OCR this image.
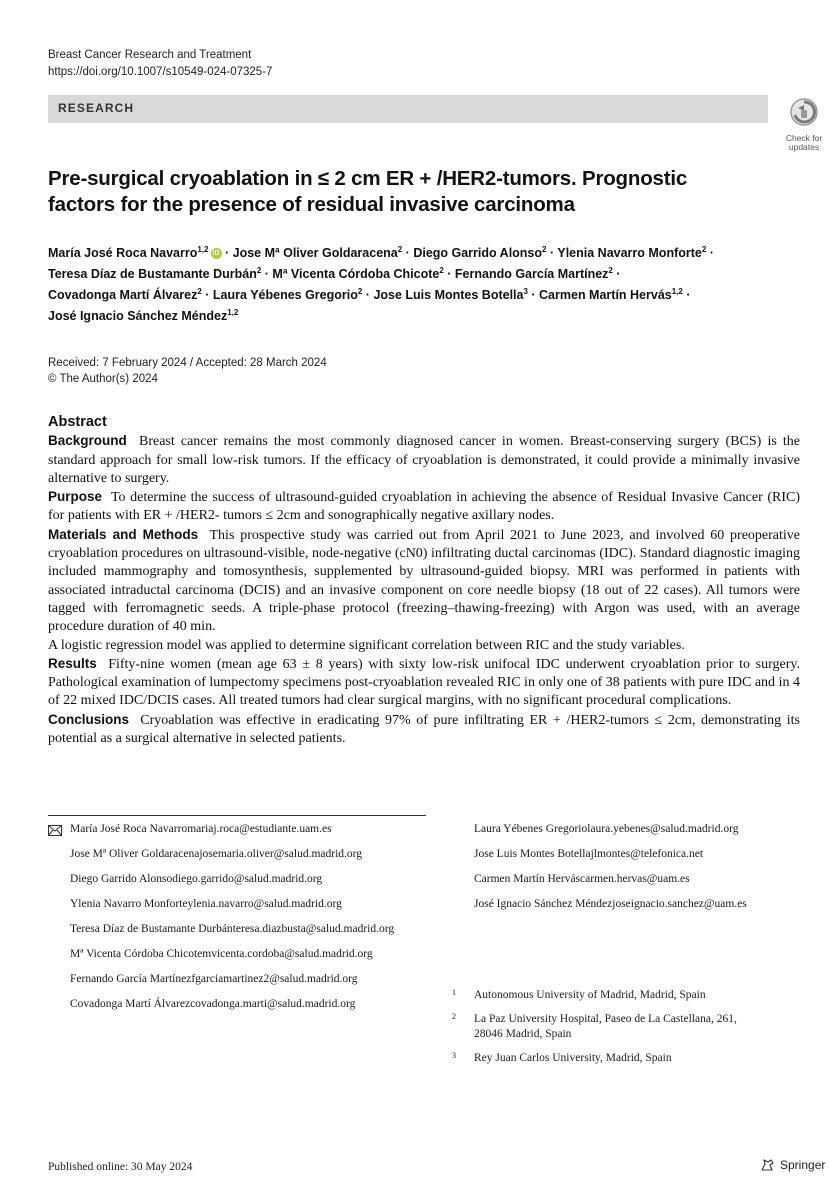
Breast Cancer Research and Treatment
https://doi.org/10.1007/s10549-024-07325-7
RESEARCH
Check for
updates
Pre-surgical cryoablation in ≤ 2 cm ER + /HER2-tumors. Prognostic
factors for the presence of residual invasive carcinoma
María José Roca Navarro$^{1,2}$ iD · Jose Mª Oliver Goldaracena$^2$ · Diego Garrido Alonso$^2$ · Ylenia Navarro Monforte$^2$ ·
Teresa Díaz de Bustamante Durbán$^2$ · Mª Vicenta Córdoba Chicote$^2$ · Fernando García Martínez$^2$ ·
Covadonga Martí Álvarez$^2$ · Laura Yébenes Gregorio$^2$ · Jose Luis Montes Botella$^3$ · Carmen Martín Hervás$^{1,2}$ ·
José Ignacio Sánchez Méndez$^{1,2}$
Received: 7 February 2024 / Accepted: 28 March 2024
© The Author(s) 2024
Abstract

Background Breast cancer remains the most commonly diagnosed cancer in women. Breast-conserving surgery (BCS) is the standard approach for small low-risk tumors. If the efficacy of cryoablation is demonstrated, it could provide a minimally invasive alternative to surgery.

Purpose To determine the success of ultrasound-guided cryoablation in achieving the absence of Residual Invasive Cancer (RIC) for patients with ER + /HER2- tumors ≤ 2cm and sonographically negative axillary nodes.

Materials and Methods This prospective study was carried out from April 2021 to June 2023, and involved 60 preoperative cryoablation procedures on ultrasound-visible, node-negative (cN0) infiltrating ductal carcinomas (IDC). Standard diagnostic imaging included mammography and tomosynthesis, supplemented by ultrasound-guided biopsy. MRI was performed in patients with associated intraductal carcinoma (DCIS) and an invasive component on core needle biopsy (18 out of 22 cases). All tumors were tagged with ferromagnetic seeds. A triple-phase protocol (freezing–thawing-freezing) with Argon was used, with an average procedure duration of 40 min.

A logistic regression model was applied to determine significant correlation between RIC and the study variables.

Results Fifty-nine women (mean age 63 ± 8 years) with sixty low-risk unifocal IDC underwent cryoablation prior to surgery. Pathological examination of lumpectomy specimens post-cryoablation revealed RIC in only one of 38 patients with pure IDC and in 4 of 22 mixed IDC/DCIS cases. All treated tumors had clear surgical margins, with no significant procedural complications.

Conclusions Cryoablation was effective in eradicating 97% of pure infiltrating ER + /HER2-tumors ≤ 2cm, demonstrating its potential as a surgical alternative in selected patients.

María José Roca Navarromariaj.roca@estudiante.uam.es
Jose Mª Oliver Goldaracenajosemaria.oliver@salud.madrid.org
Diego Garrido Alonsodiego.garrido@salud.madrid.org
Ylenia Navarro Monforteylenia.navarro@salud.madrid.org
Teresa Díaz de Bustamante Durbánteresa.diazbusta@salud.madrid.org
Mª Vicenta Córdoba Chicotemvicenta.cordoba@salud.madrid.org
Fernando García Martínezfgarciamartinez2@salud.madrid.org
Covadonga Martí Álvarezcovadonga.marti@salud.madrid.org
Laura Yébenes Gregoriolaura.yebenes@salud.madrid.org
Jose Luis Montes Botellajlmontes@telefonica.net
Carmen Martín Herváscarmen.hervas@uam.es
José Ignacio Sánchez Méndezjoseignacio.sanchez@uam.es
1 Autonomous University of Madrid, Madrid, Spain
2 La Paz University Hospital, Paseo de La Castellana, 261,
28046 Madrid, Spain
3 Rey Juan Carlos University, Madrid, Spain
Published online: 30 May 2024	Springer
